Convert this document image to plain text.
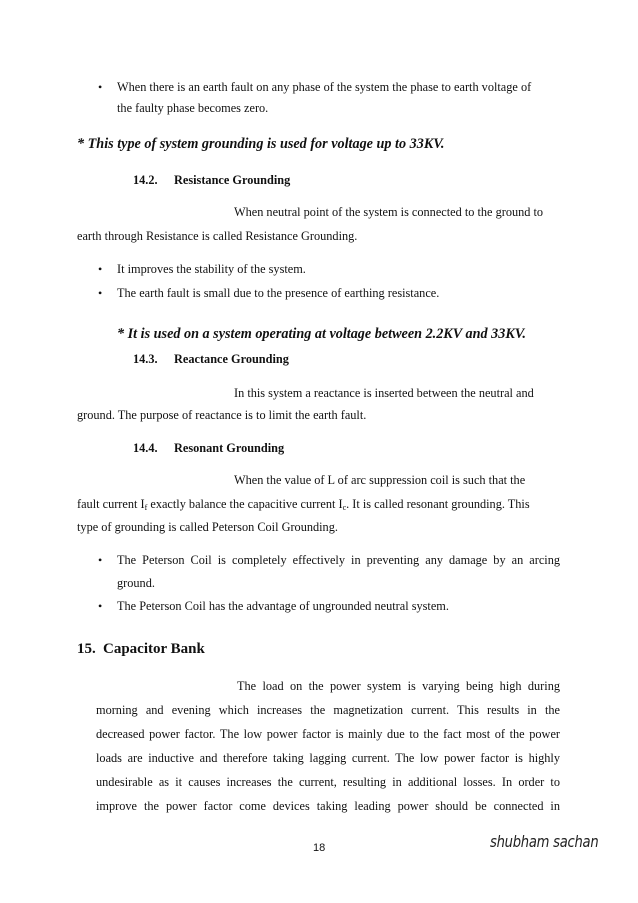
• When there is an earth fault on any phase of the system the phase to earth voltage of
the faulty phase becomes zero.
* This type of system grounding is used for voltage up to 33KV.
14.2. Resistance Grounding
When neutral point of the system is connected to the ground to
earth through Resistance is called Resistance Grounding.
• It improves the stability of the system.
• The earth fault is small due to the presence of earthing resistance.
* It is used on a system operating at voltage between 2.2KV and 33KV.
14.3. Reactance Grounding
In this system a reactance is inserted between the neutral and
ground. The purpose of reactance is to limit the earth fault.
14.4. Resonant Grounding
When the value of L of arc suppression coil is such that the
fault current $I_f$ exactly balance the capacitive current $I_c$. It is called resonant grounding. This
type of grounding is called Peterson Coil Grounding.
• The Peterson Coil is completely effectively in preventing any damage by an arcing
ground.
• The Peterson Coil has the advantage of ungrounded neutral system.
15. Capacitor Bank
The load on the power system is varying being high during
morning and evening which increases the magnetization current. This results in the
decreased power factor. The low power factor is mainly due to the fact most of the power
loads are inductive and therefore taking lagging current. The low power factor is highly
undesirable as it causes increases the current, resulting in additional losses. In order to
improve the power factor come devices taking leading power should be connected in
18	shubham sachan
